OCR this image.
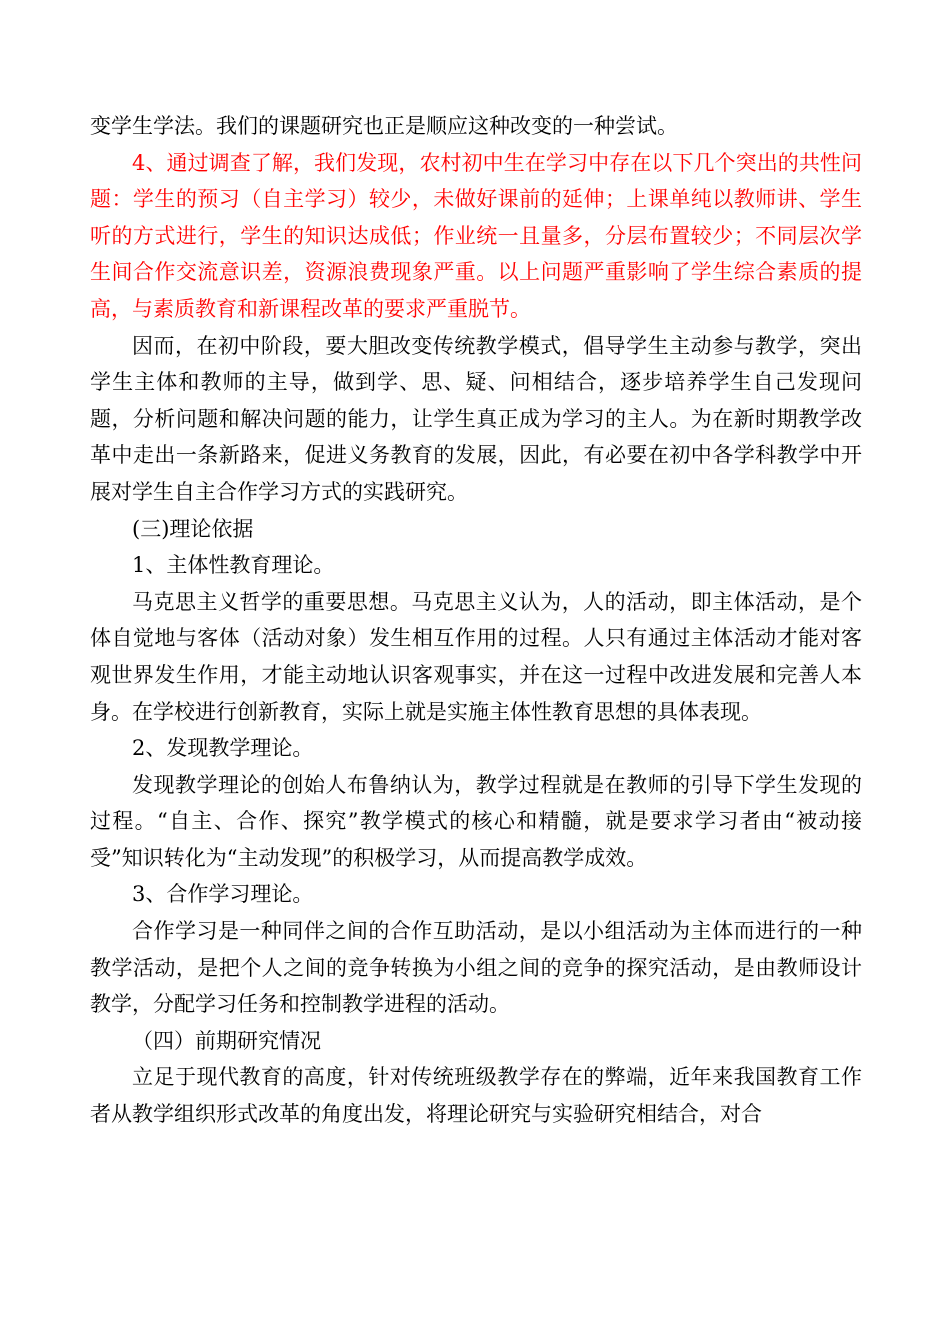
变学生学法。我们的课题研究也正是顺应这种改变的一种尝试。

4、通过调查了解，我们发现，农村初中生在学习中存在以下几个突出的共性问题：学生的预习（自主学习）较少，未做好课前的延伸；上课单纯以教师讲、学生听的方式进行，学生的知识达成低；作业统一且量多，分层布置较少；不同层次学生间合作交流意识差，资源浪费现象严重。以上问题严重影响了学生综合素质的提高，与素质教育和新课程改革的要求严重脱节。

因而，在初中阶段，要大胆改变传统教学模式，倡导学生主动参与教学，突出学生主体和教师的主导，做到学、思、疑、问相结合，逐步培养学生自己发现问题，分析问题和解决问题的能力，让学生真正成为学习的主人。为在新时期教学改革中走出一条新路来，促进义务教育的发展，因此，有必要在初中各学科教学中开展对学生自主合作学习方式的实践研究。

(三)理论依据

1、主体性教育理论。

马克思主义哲学的重要思想。马克思主义认为，人的活动，即主体活动，是个体自觉地与客体（活动对象）发生相互作用的过程。人只有通过主体活动才能对客观世界发生作用，才能主动地认识客观事实，并在这一过程中改进发展和完善人本身。在学校进行创新教育，实际上就是实施主体性教育思想的具体表现。

2、发现教学理论。

发现教学理论的创始人布鲁纳认为，教学过程就是在教师的引导下学生发现的过程。“自主、合作、探究”教学模式的核心和精髓，就是要求学习者由“被动接受”知识转化为“主动发现”的积极学习，从而提高教学成效。

3、合作学习理论。

合作学习是一种同伴之间的合作互助活动，是以小组活动为主体而进行的一种教学活动，是把个人之间的竞争转换为小组之间的竞争的探究活动，是由教师设计教学，分配学习任务和控制教学进程的活动。

（四）前期研究情况

立足于现代教育的高度，针对传统班级教学存在的弊端，近年来我国教育工作者从教学组织形式改革的角度出发，将理论研究与实验研究相结合，对合
